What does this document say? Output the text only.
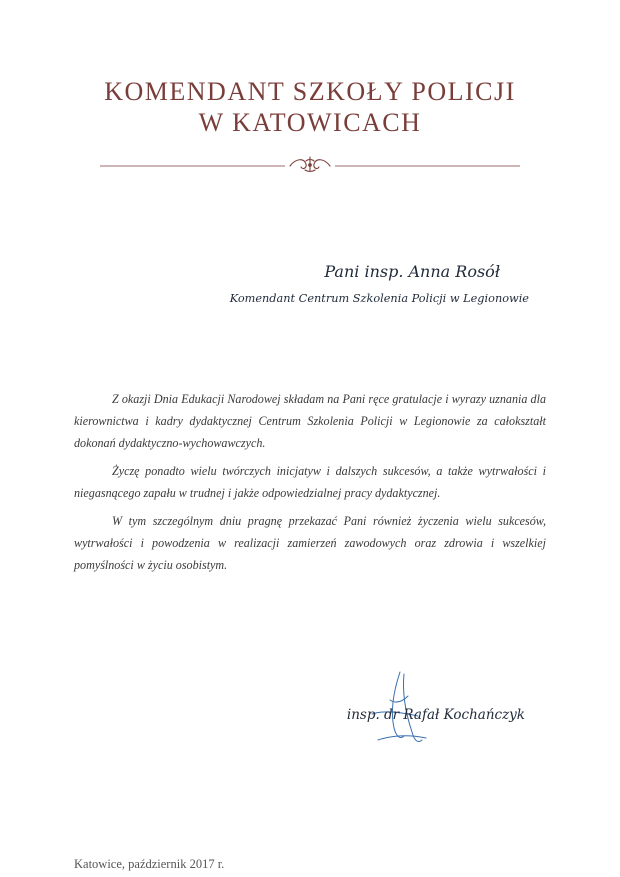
KOMENDANT SZKOŁY POLICJI
W KATOWICACH
Pani insp. Anna Rosół
Komendant Centrum Szkolenia Policji w Legionowie

Z okazji Dnia Edukacji Narodowej składam na Pani ręce gratulacje i wyrazy uznania dla kierownictwa i kadry dydaktycznej Centrum Szkolenia Policji w Legionowie za całokształt dokonań dydaktyczno-wychowawczych.

Życzę ponadto wielu twórczych inicjatyw i dalszych sukcesów, a także wytrwałości i niegasnącego zapału w trudnej i jakże odpowiedzialnej pracy dydaktycznej.

W tym szczególnym dniu pragnę przekazać Pani również życzenia wielu sukcesów, wytrwałości i powodzenia w realizacji zamierzeń zawodowych oraz zdrowia i wszelkiej pomyślności w życiu osobistym.

insp. dr Rafał Kochańczyk
Katowice, październik 2017 r.
